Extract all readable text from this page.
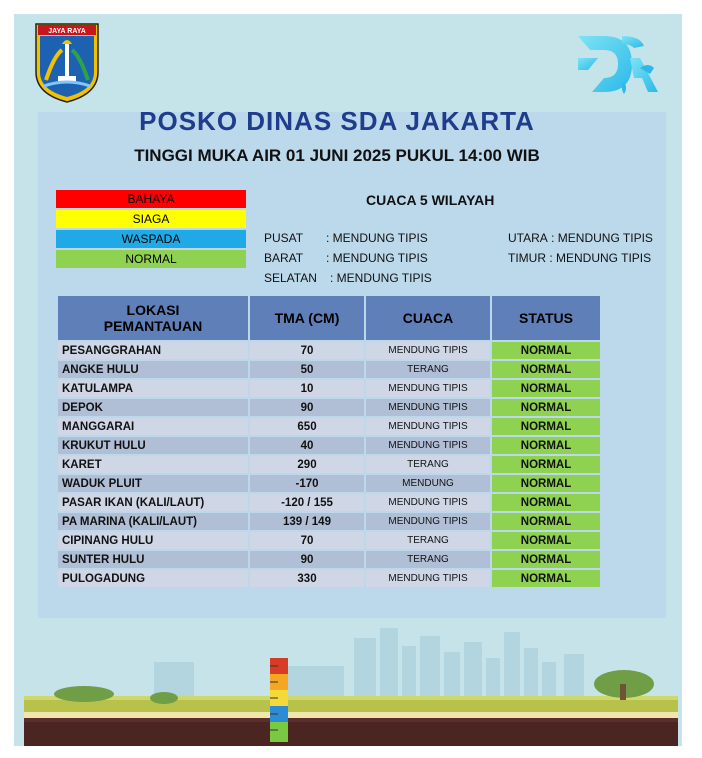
JAYA RAYA
POSKO DINAS SDA JAKARTA
TINGGI MUKA AIR 01 JUNI 2025 PUKUL 14:00 WIB
BAHAYA
SIAGA
WASPADA
NORMAL
CUACA 5 WILAYAH
PUSAT : MENDUNG TIPIS
BARAT : MENDUNG TIPIS
SELATAN : MENDUNG TIPIS
UTARA : MENDUNG TIPIS
TIMUR : MENDUNG TIPIS
LOKASI
PEMANTAUAN	TMA (CM)	CUACA	STATUS
PESANGGRAHAN	70	MENDUNG TIPIS	NORMAL
ANGKE HULU	50	TERANG	NORMAL
KATULAMPA	10	MENDUNG TIPIS	NORMAL
DEPOK	90	MENDUNG TIPIS	NORMAL
MANGGARAI	650	MENDUNG TIPIS	NORMAL
KRUKUT HULU	40	MENDUNG TIPIS	NORMAL
KARET	290	TERANG	NORMAL
WADUK PLUIT	-170	MENDUNG	NORMAL
PASAR IKAN (KALI/LAUT)	-120 / 155	MENDUNG TIPIS	NORMAL
PA MARINA (KALI/LAUT)	139 / 149	MENDUNG TIPIS	NORMAL
CIPINANG HULU	70	TERANG	NORMAL
SUNTER HULU	90	TERANG	NORMAL
PULOGADUNG	330	MENDUNG TIPIS	NORMAL
